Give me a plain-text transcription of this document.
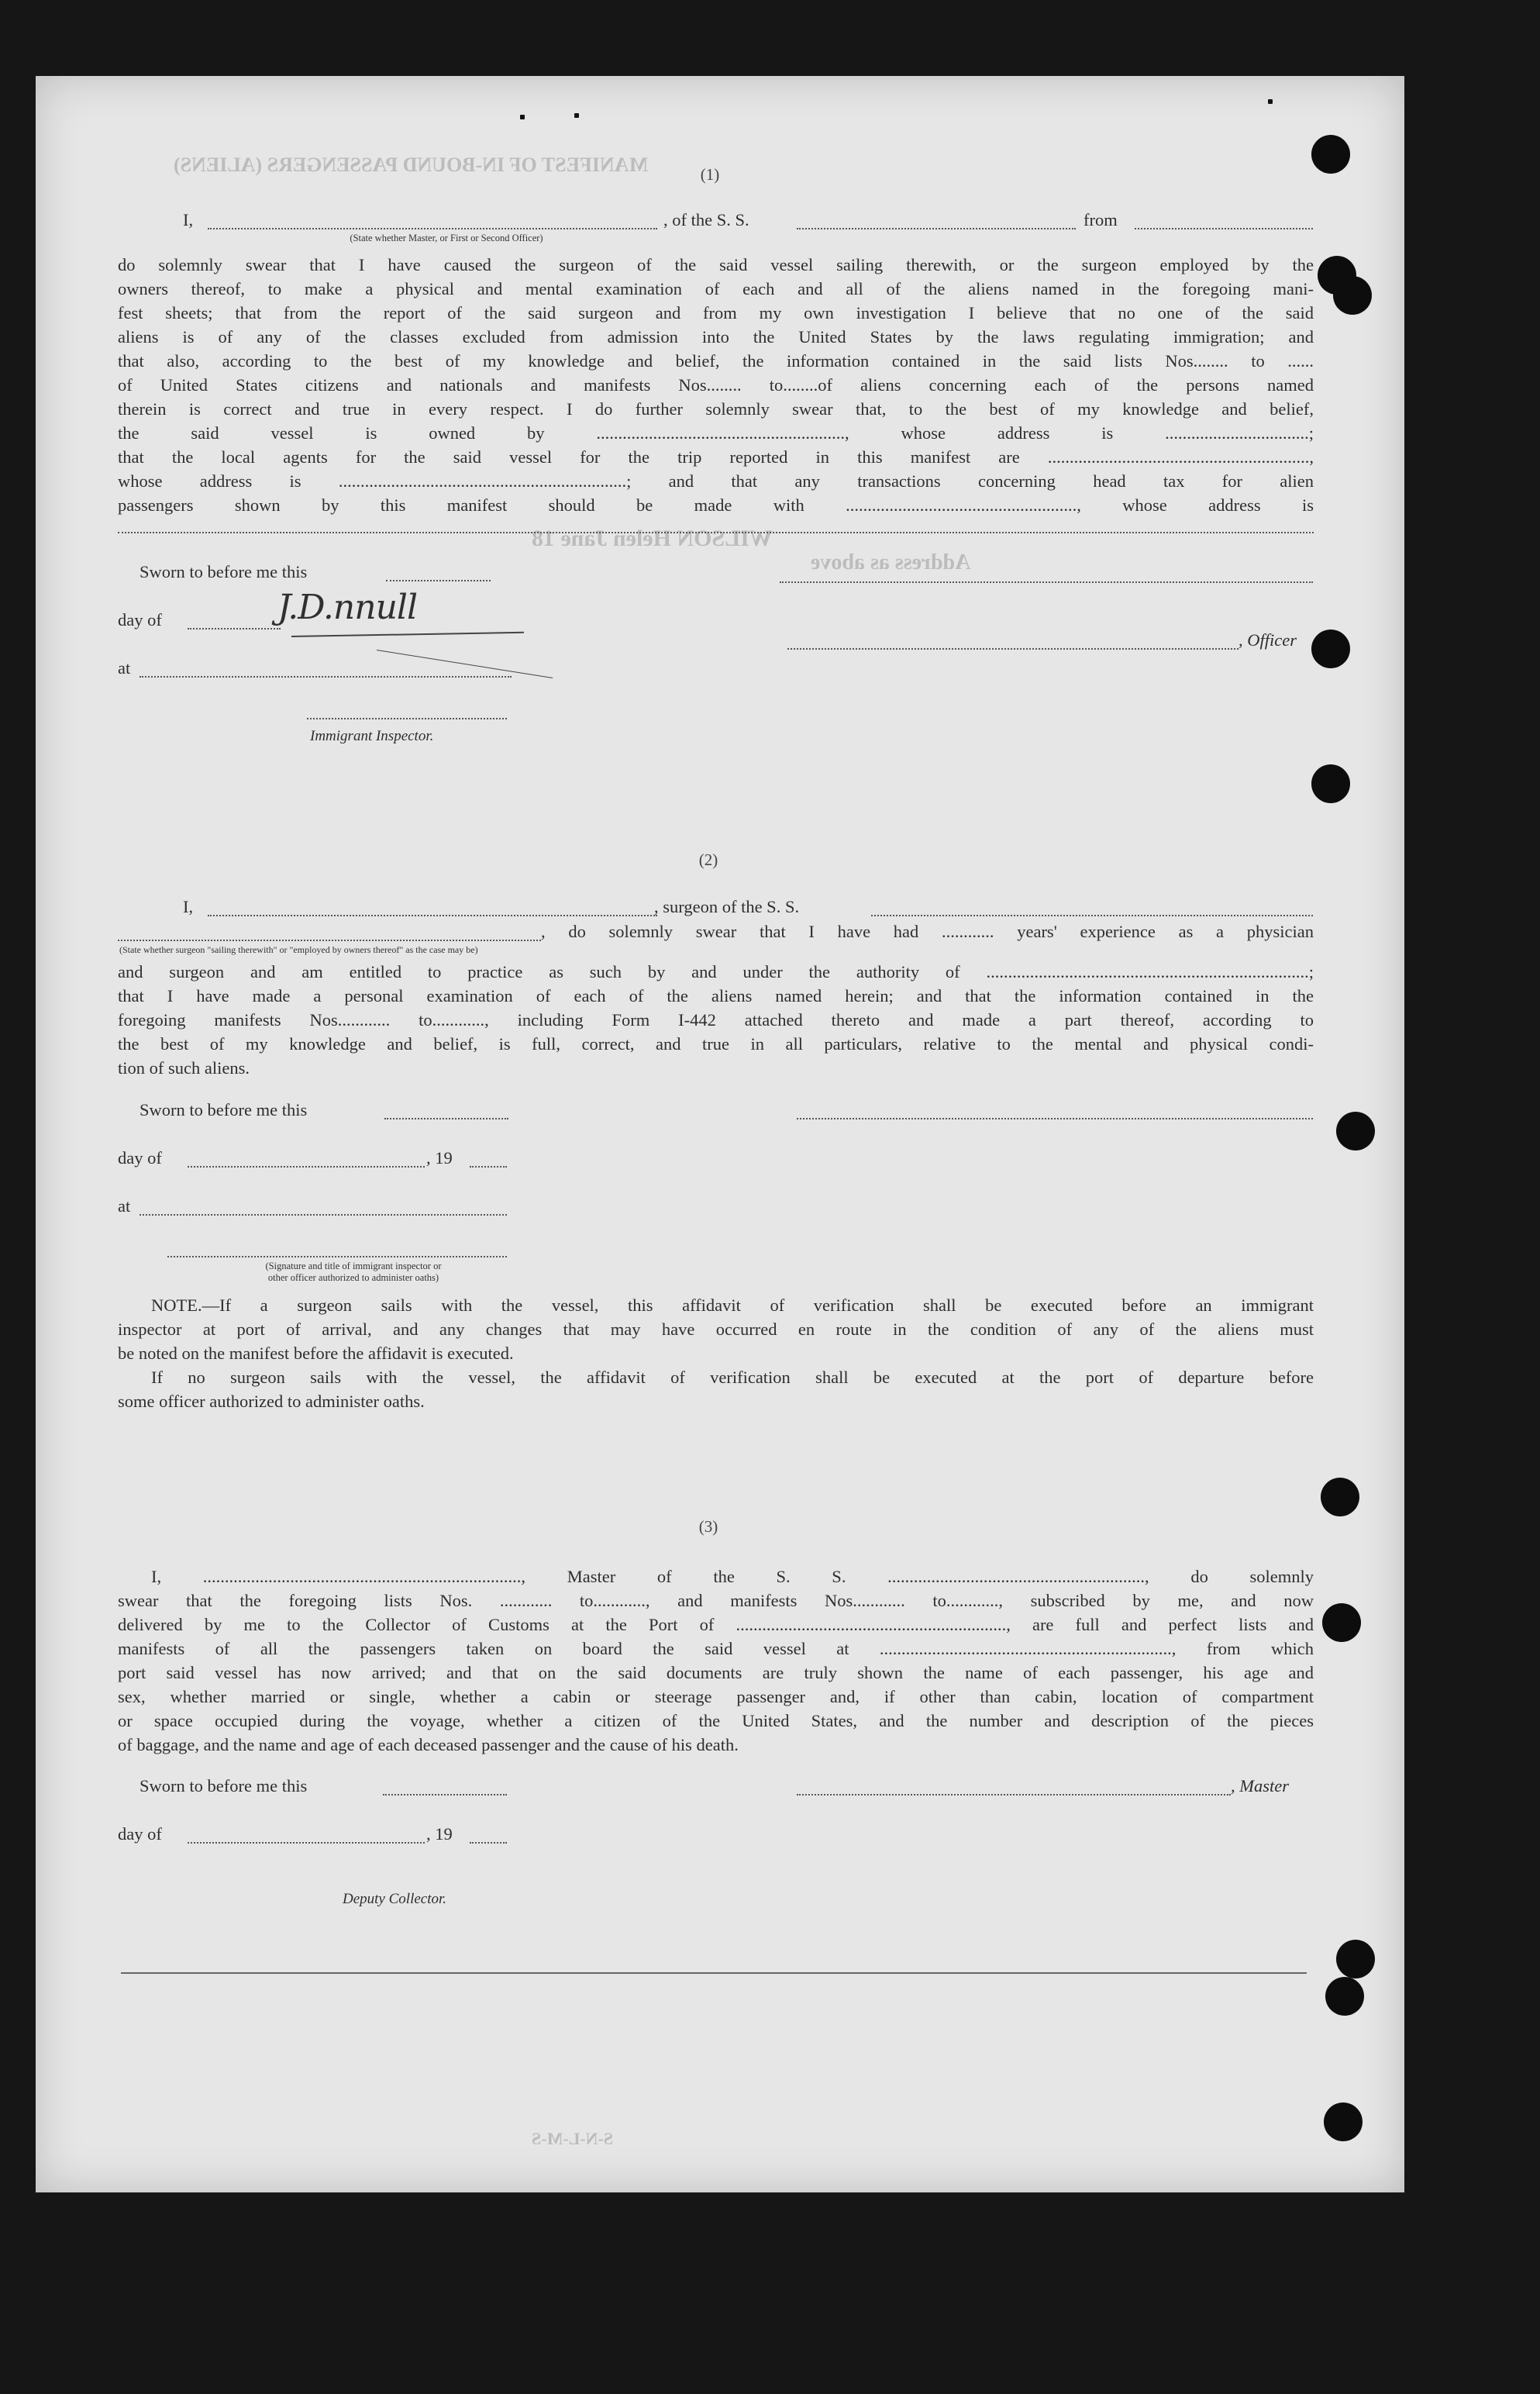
MANIFEST OF IN-BOUND PASSENGERS (ALIENS)
WILSON Helen Jane 18
Address as above
S-N-L-M-S
(1)
I,	, of the S. S.	from
(State whether Master, or First or Second Officer)
do solemnly swear that I have caused the surgeon of the said vessel sailing therewith, or the surgeon employed by the
owners thereof, to make a physical and mental examination of each and all of the aliens named in the foregoing mani-
fest sheets; that from the report of the said surgeon and from my own investigation I believe that no one of the said
aliens is of any of the classes excluded from admission into the United States by the laws regulating immigration; and
that also, according to the best of my knowledge and belief, the information contained in the said lists Nos........ to ......
of United States citizens and nationals and manifests Nos........ to........of aliens concerning each of the persons named
therein is correct and true in every respect. I do further solemnly swear that, to the best of my knowledge and belief,
the said vessel is owned by ........................................................., whose address is .................................;
that the local agents for the said vessel for the trip reported in this manifest are ............................................................,
whose address is ..................................................................; and that any transactions concerning head tax for alien
passengers shown by this manifest should be made with ....................................................., whose address is
Sworn to before me this
day of	J.D.nnull
at
, Officer
Immigrant Inspector.
(2)
I,	, surgeon of the S. S.
, do solemnly swear that I have had ............ years' experience as a physician
(State whether surgeon "sailing therewith" or "employed by owners thereof" as the case may be)
and surgeon and am entitled to practice as such by and under the authority of ..........................................................................;
that I have made a personal examination of each of the aliens named herein; and that the information contained in the
foregoing manifests Nos............ to............, including Form I-442 attached thereto and made a part thereof, according to
the best of my knowledge and belief, is full, correct, and true in all particulars, relative to the mental and physical condi-
tion of such aliens.
Sworn to before me this
day of	, 19
at
(Signature and title of immigrant inspector or
other officer authorized to administer oaths)
NOTE.—If a surgeon sails with the vessel, this affidavit of verification shall be executed before an immigrant
inspector at port of arrival, and any changes that may have occurred en route in the condition of any of the aliens must
be noted on the manifest before the affidavit is executed.
If no surgeon sails with the vessel, the affidavit of verification shall be executed at the port of departure before
some officer authorized to administer oaths.
(3)
I, ........................................................................., Master of the S. S. ..........................................................., do solemnly
swear that the foregoing lists Nos. ............ to............, and manifests Nos............ to............, subscribed by me, and now
delivered by me to the Collector of Customs at the Port of .............................................................., are full and perfect lists and
manifests of all the passengers taken on board the said vessel at ..................................................................., from which
port said vessel has now arrived; and that on the said documents are truly shown the name of each passenger, his age and
sex, whether married or single, whether a cabin or steerage passenger and, if other than cabin, location of compartment
or space occupied during the voyage, whether a citizen of the United States, and the number and description of the pieces
of baggage, and the name and age of each deceased passenger and the cause of his death.
Sworn to before me this	, Master
day of	, 19
Deputy Collector.
